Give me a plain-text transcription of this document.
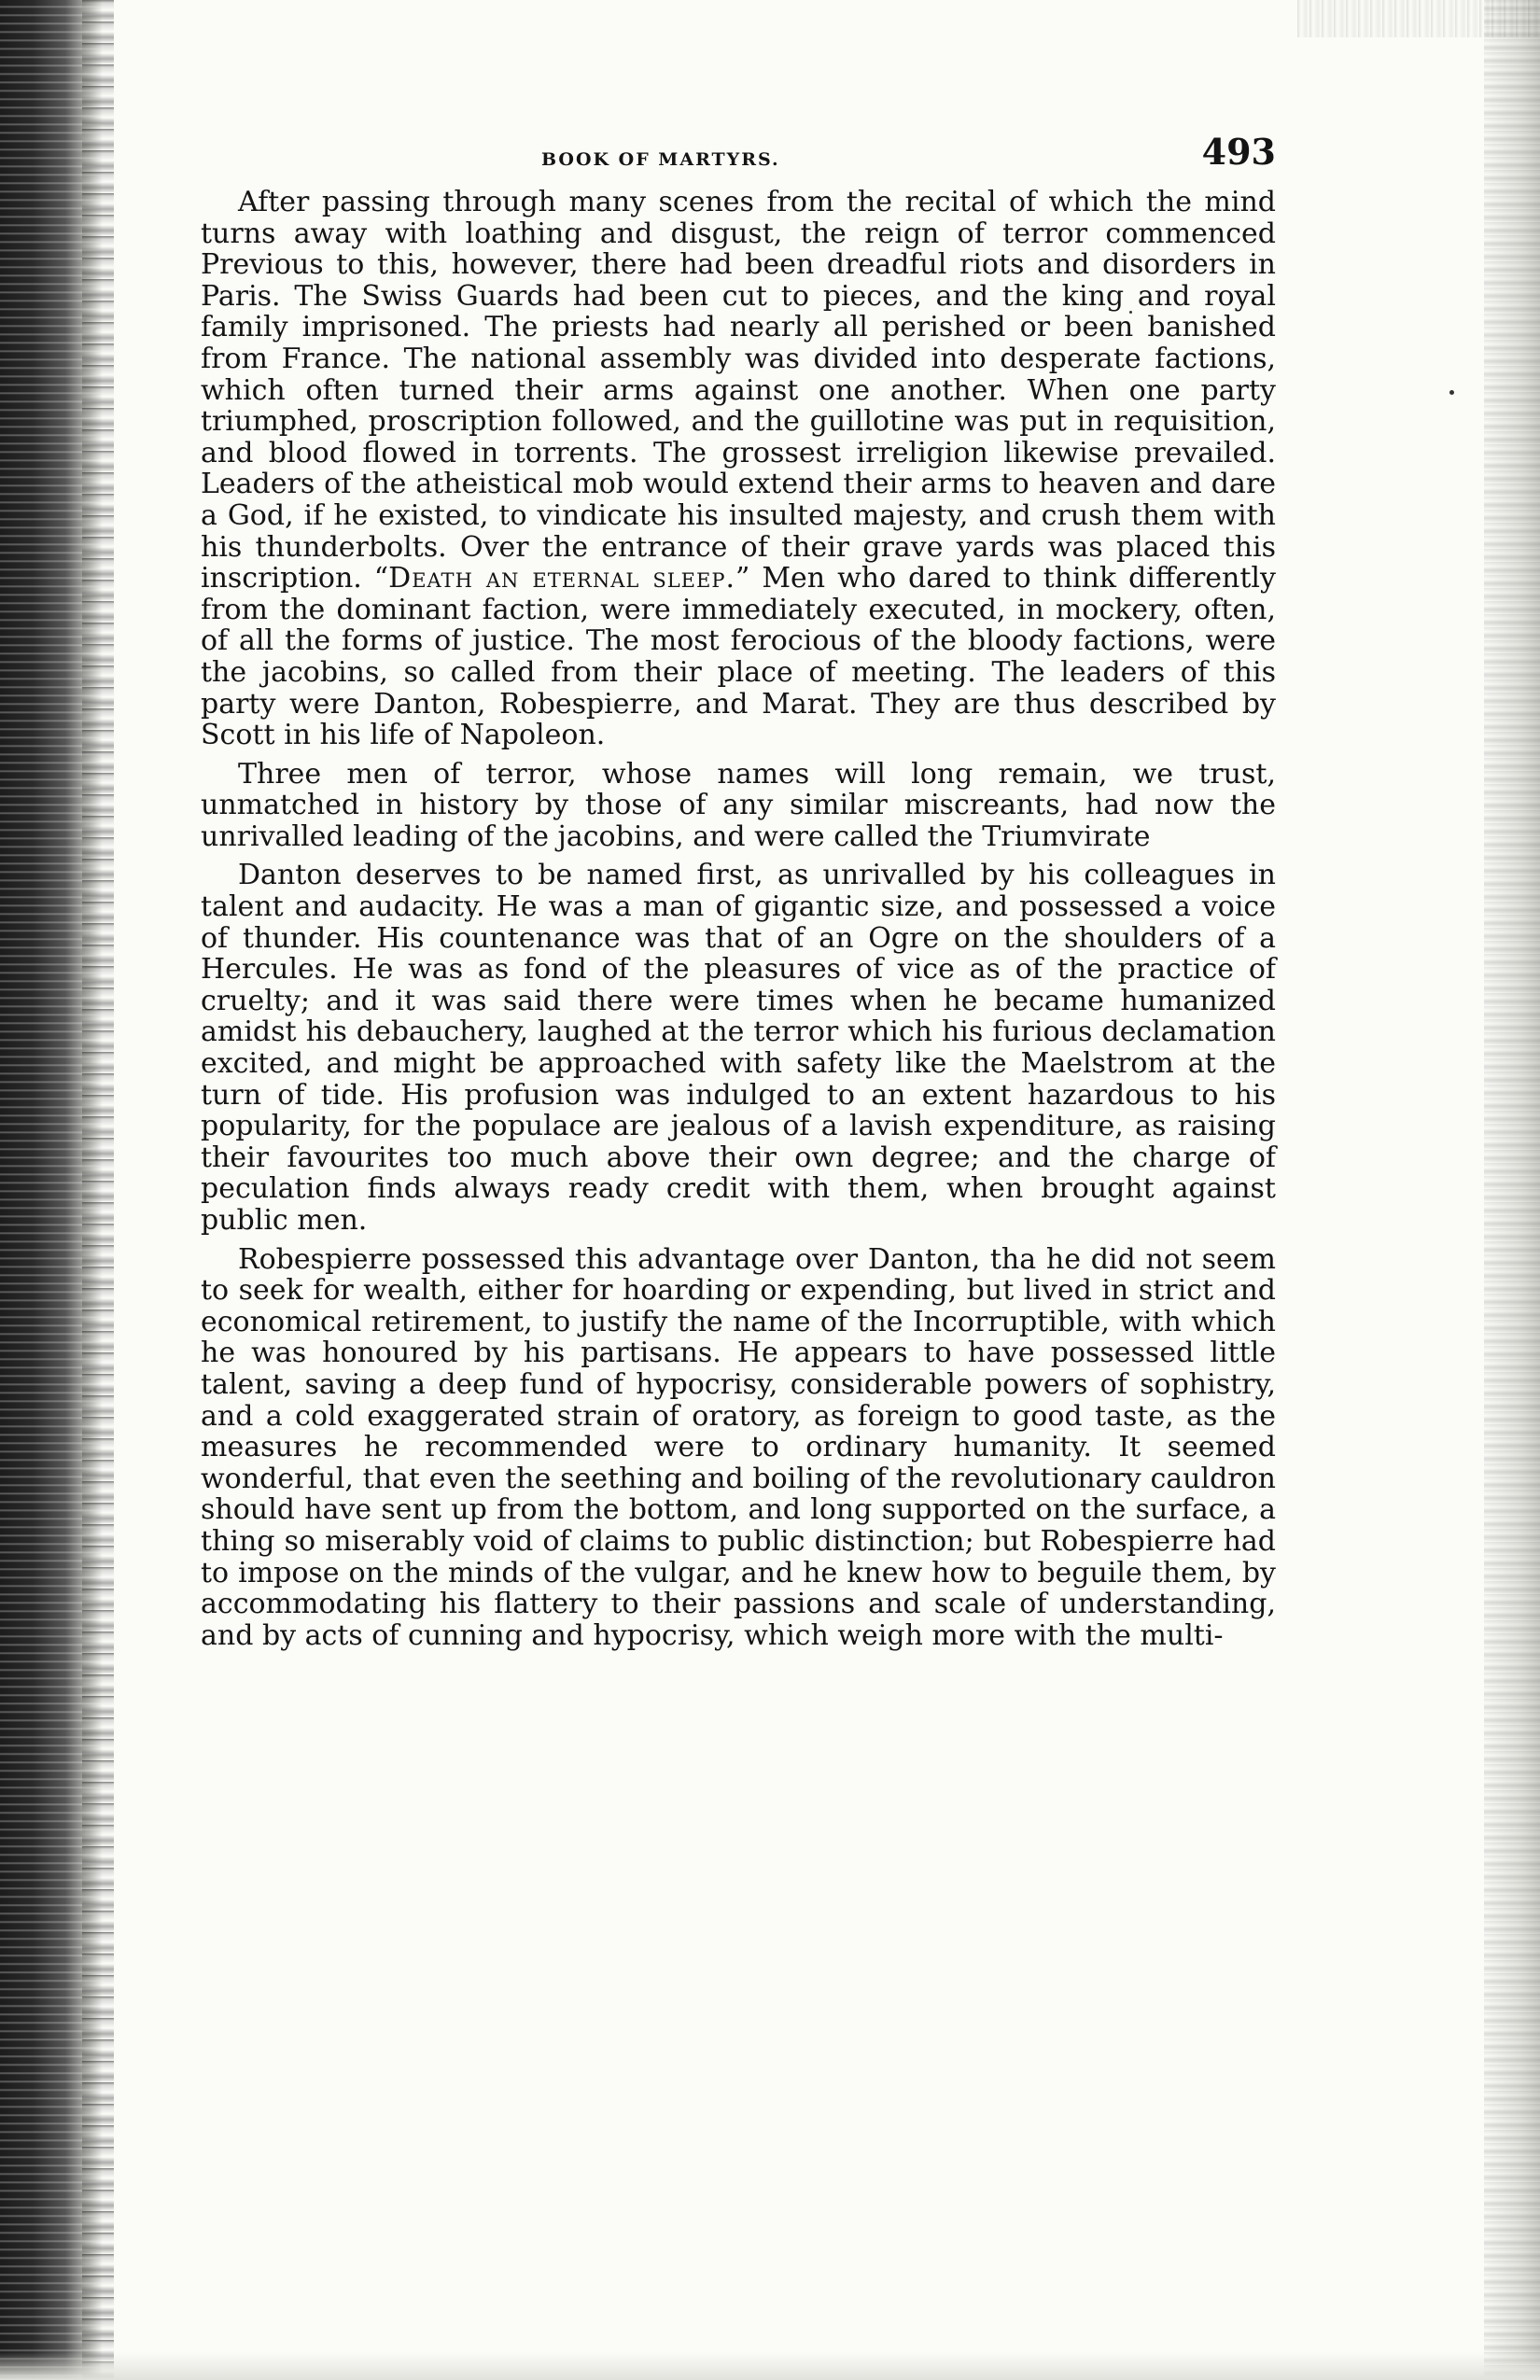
BOOK OF MARTYRS.	493

After passing through many scenes from the recital of which the mind turns away with loathing and disgust, the reign of terror commenced Previous to this, however, there had been dreadful riots and disorders in Paris. The Swiss Guards had been cut to pieces, and the king and royal family imprisoned. The priests had nearly all perished or been banished from France. The national assembly was divided into desperate factions, which often turned their arms against one another. When one party triumphed, proscription followed, and the guillotine was put in requisition, and blood flowed in torrents. The grossest irreligion likewise prevailed. Leaders of the atheistical mob would extend their arms to heaven and dare a God, if he existed, to vindicate his insulted majesty, and crush them with his thunderbolts. Over the entrance of their grave yards was placed this inscription. “Death an eternal sleep.” Men who dared to think differently from the dominant faction, were immediately executed, in mockery, often, of all the forms of justice. The most ferocious of the bloody factions, were the jacobins, so called from their place of meeting. The leaders of this party were Danton, Robespierre, and Marat. They are thus described by Scott in his life of Napoleon.

Three men of terror, whose names will long remain, we trust, unmatched in history by those of any similar miscreants, had now the unrivalled leading of the jacobins, and were called the Triumvirate

Danton deserves to be named first, as unrivalled by his colleagues in talent and audacity. He was a man of gigantic size, and possessed a voice of thunder. His countenance was that of an Ogre on the shoulders of a Hercules. He was as fond of the pleasures of vice as of the practice of cruelty; and it was said there were times when he became humanized amidst his debauchery, laughed at the terror which his furious declamation excited, and might be approached with safety like the Maelstrom at the turn of tide. His profusion was indulged to an extent hazardous to his popularity, for the populace are jealous of a lavish expenditure, as raising their favourites too much above their own degree; and the charge of peculation finds always ready credit with them, when brought against public men.

Robespierre possessed this advantage over Danton, tha he did not seem to seek for wealth, either for hoarding or expending, but lived in strict and economical retirement, to justify the name of the Incorruptible, with which he was honoured by his partisans. He appears to have possessed little talent, saving a deep fund of hypocrisy, considerable powers of sophistry, and a cold exaggerated strain of oratory, as foreign to good taste, as the measures he recommended were to ordinary humanity. It seemed wonderful, that even the seething and boiling of the revolutionary cauldron should have sent up from the bottom, and long supported on the surface, a thing so miserably void of claims to public distinction; but Robespierre had to impose on the minds of the vulgar, and he knew how to beguile them, by accommodating his flattery to their passions and scale of understanding, and by acts of cunning and hypocrisy, which weigh more with the multi-
